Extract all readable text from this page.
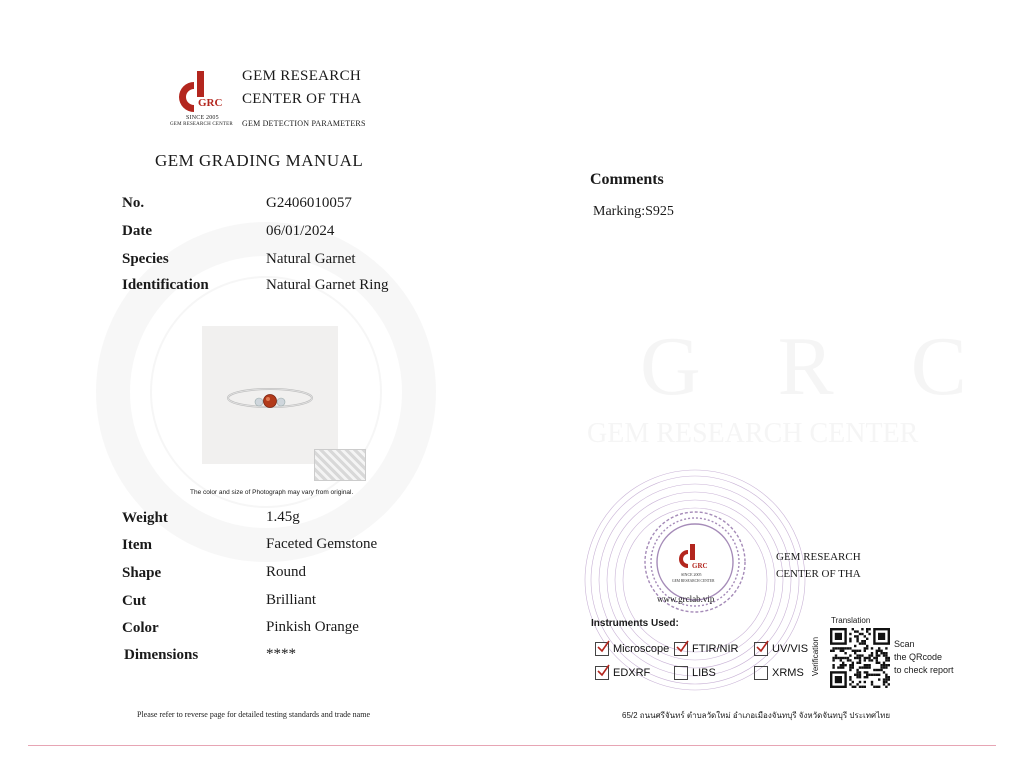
G R C
GEM RESEARCH CENTER
GRC
SINCE 2005
GEM RESEARCH CENTER
GEM RESEARCH
CENTER OF THA
GEM DETECTION PARAMETERS
GEM GRADING MANUAL
No.	G2406010057
Date	06/01/2024
Species	Natural Garnet
Identification	Natural Garnet Ring
The color and size of Photograph may vary from original.
Weight	1.45g
Item	Faceted Gemstone
Shape	Round
Cut	Brilliant
Color	Pinkish Orange
Dimensions	****
Please refer to reverse page for detailed testing standards and trade name
Comments
Marking:S925
GRC
SINCE 2005
GEM RESEARCH CENTER
www.grclab.vip
GEM RESEARCH
CENTER OF THA
Instruments Used:
Microscope	FTIR/NIR	UV/VIS
EDXRF	LIBS	XRMS
Translation
Verification	Scan
the QRcode
to check report
65/2 ถนนศรีจันทร์ ตำบลวัดใหม่ อำเภอเมืองจันทบุรี จังหวัดจันทบุรี ประเทศไทย
